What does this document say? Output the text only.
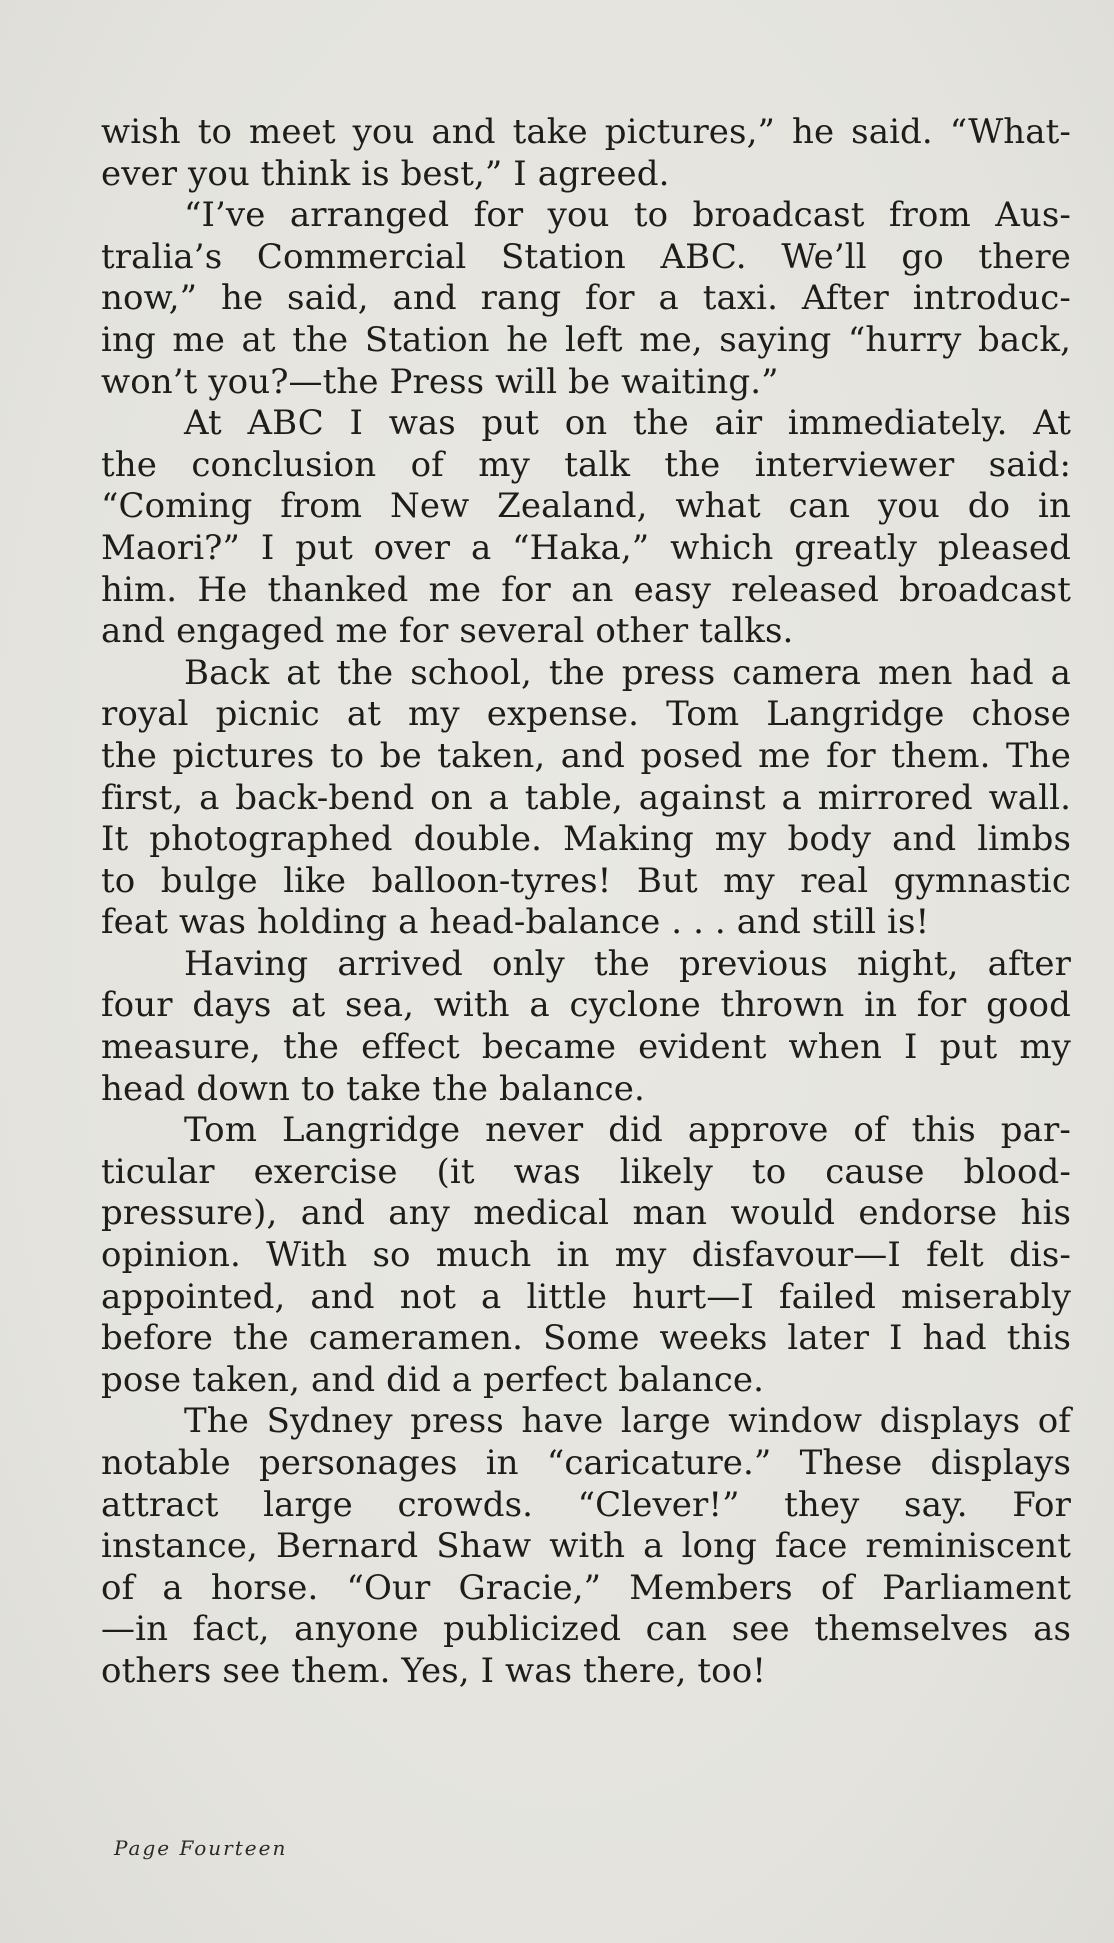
wish to meet you and take pictures,” he said. “What-
ever you think is best,” I agreed.
“I’ve arranged for you to broadcast from Aus-
tralia’s Commercial Station ABC. We’ll go there
now,” he said, and rang for a taxi. After introduc-
ing me at the Station he left me, saying “hurry back,
won’t you?—the Press will be waiting.”
At ABC I was put on the air immediately. At
the conclusion of my talk the interviewer said:
“Coming from New Zealand, what can you do in
Maori?” I put over a “Haka,” which greatly pleased
him. He thanked me for an easy released broadcast
and engaged me for several other talks.
Back at the school, the press camera men had a
royal picnic at my expense. Tom Langridge chose
the pictures to be taken, and posed me for them. The
first, a back-bend on a table, against a mirrored wall.
It photographed double. Making my body and limbs
to bulge like balloon-tyres! But my real gymnastic
feat was holding a head-balance . . . and still is!
Having arrived only the previous night, after
four days at sea, with a cyclone thrown in for good
measure, the effect became evident when I put my
head down to take the balance.
Tom Langridge never did approve of this par-
ticular exercise (it was likely to cause blood-
pressure), and any medical man would endorse his
opinion. With so much in my disfavour—I felt dis-
appointed, and not a little hurt—I failed miserably
before the cameramen. Some weeks later I had this
pose taken, and did a perfect balance.
The Sydney press have large window displays of
notable personages in “caricature.” These displays
attract large crowds. “Clever!” they say. For
instance, Bernard Shaw with a long face reminiscent
of a horse. “Our Gracie,” Members of Parliament
—in fact, anyone publicized can see themselves as
others see them. Yes, I was there, too!
Page Fourteen
